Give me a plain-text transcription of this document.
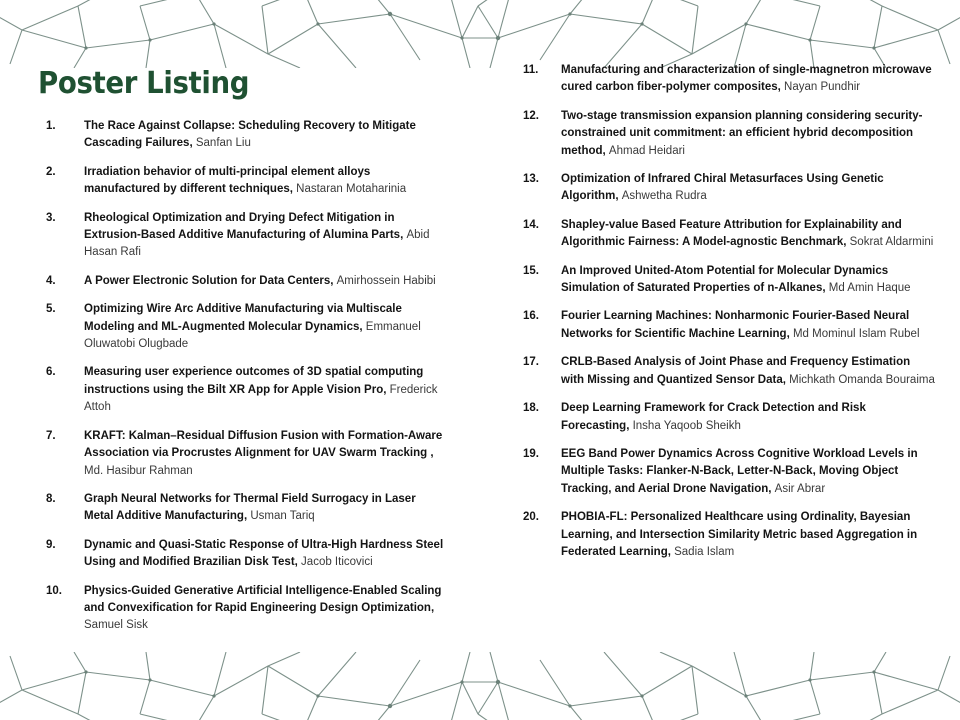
Poster Listing
1.	The Race Against Collapse: Scheduling Recovery to Mitigate Cascading Failures, Sanfan Liu
2.	Irradiation behavior of multi-principal element alloys manufactured by different techniques, Nastaran Motaharinia
3.	Rheological Optimization and Drying Defect Mitigation in Extrusion-Based Additive Manufacturing of Alumina Parts, Abid Hasan Rafi
4.	A Power Electronic Solution for Data Centers, Amirhossein Habibi
5.	Optimizing Wire Arc Additive Manufacturing via Multiscale Modeling and ML-Augmented Molecular Dynamics, Emmanuel Oluwatobi Olugbade
6.	Measuring user experience outcomes of 3D spatial computing instructions using the Bilt XR App for Apple Vision Pro, Frederick Attoh
7.	KRAFT: Kalman–Residual Diffusion Fusion with Formation-Aware Association via Procrustes Alignment for UAV Swarm Tracking , Md. Hasibur Rahman
8.	Graph Neural Networks for Thermal Field Surrogacy in Laser Metal Additive Manufacturing, Usman Tariq
9.	Dynamic and Quasi-Static Response of Ultra-High Hardness Steel Using and Modified Brazilian Disk Test, Jacob Iticovici
10.	Physics-Guided Generative Artificial Intelligence-Enabled Scaling and Convexification for Rapid Engineering Design Optimization, Samuel Sisk
11.	Manufacturing and characterization of single-magnetron microwave cured carbon fiber-polymer composites, Nayan Pundhir
12.	Two-stage transmission expansion planning considering security-constrained unit commitment: an efficient hybrid decomposition method, Ahmad Heidari
13.	Optimization of Infrared Chiral Metasurfaces Using Genetic Algorithm, Ashwetha Rudra
14.	Shapley-value Based Feature Attribution for Explainability and Algorithmic Fairness: A Model-agnostic Benchmark, Sokrat Aldarmini
15.	An Improved United-Atom Potential for Molecular Dynamics Simulation of Saturated Properties of n-Alkanes, Md Amin Haque
16.	Fourier Learning Machines: Nonharmonic Fourier-Based Neural Networks for Scientific Machine Learning, Md Mominul Islam Rubel
17.	CRLB-Based Analysis of Joint Phase and Frequency Estimation with Missing and Quantized Sensor Data, Michkath Omanda Bouraima
18.	Deep Learning Framework for Crack Detection and Risk Forecasting, Insha Yaqoob Sheikh
19.	EEG Band Power Dynamics Across Cognitive Workload Levels in Multiple Tasks: Flanker-N-Back, Letter-N-Back, Moving Object Tracking, and Aerial Drone Navigation, Asir Abrar
20.	PHOBIA-FL: Personalized Healthcare using Ordinality, Bayesian Learning, and Intersection Similarity Metric based Aggregation in Federated Learning, Sadia Islam
